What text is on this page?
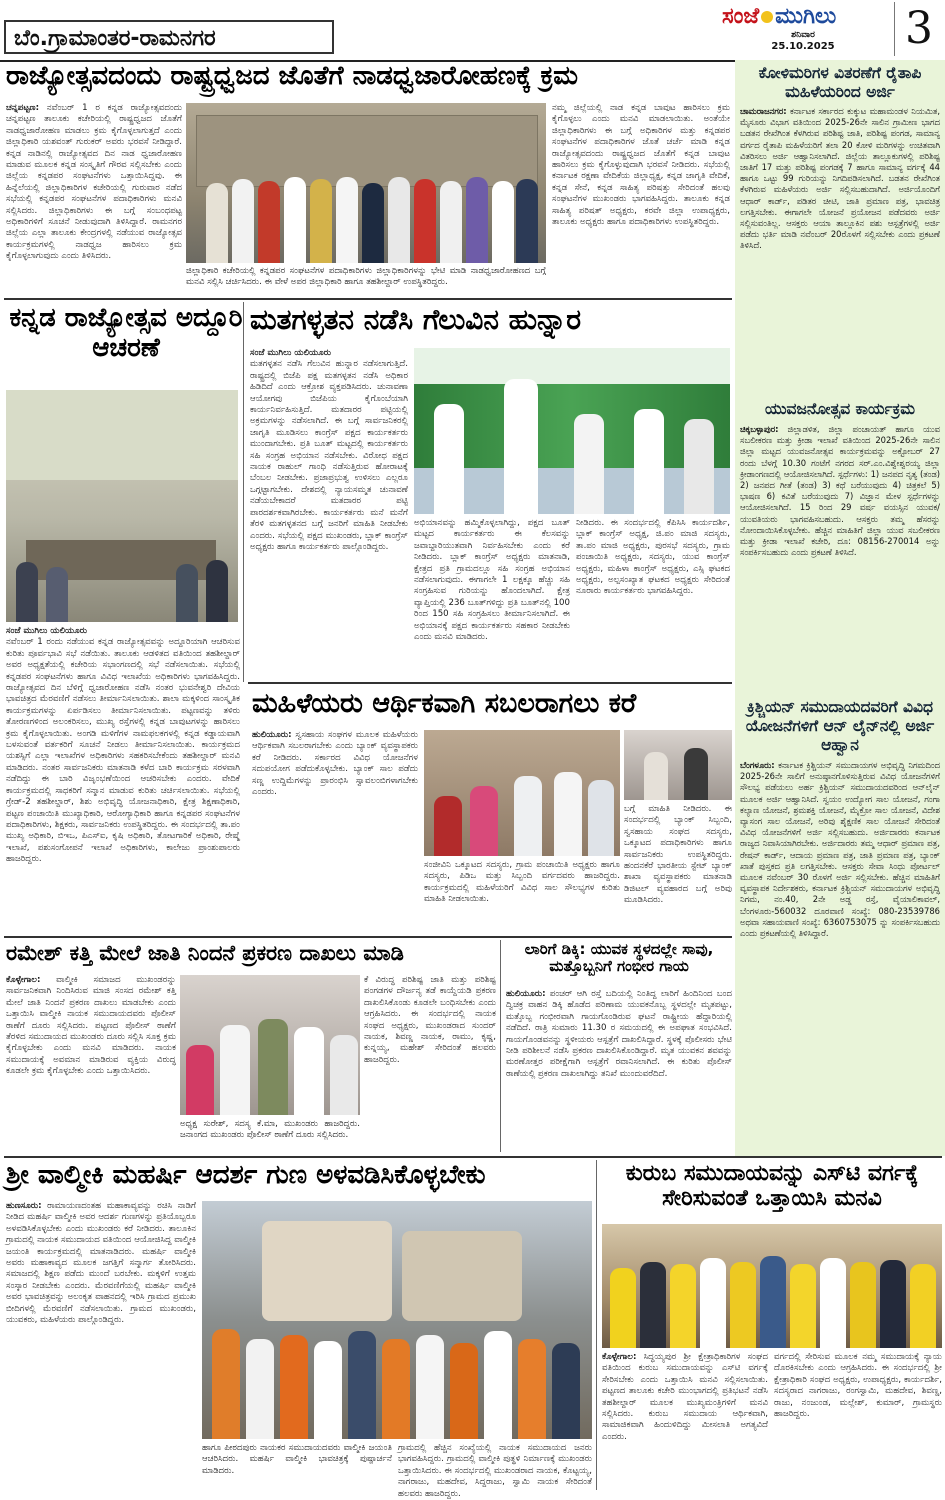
ಬೆಂ.ಗ್ರಾಮಾಂತರ-ರಾಮನಗರ
ಸಂಜೆ ಮುಗಿಲು
ಶನಿವಾರ
25.10.2025	3
ರಾಜ್ಯೋತ್ಸವದಂದು ರಾಷ್ಟ್ರಧ್ವಜದ ಜೊತೆಗೆ ನಾಡಧ್ವಜಾರೋಹಣಕ್ಕೆ ಕ್ರಮ
ಚನ್ನಪಟ್ಟಣ: ನವೆಂಬರ್ 1 ರ ಕನ್ನಡ ರಾಜ್ಯೋತ್ಸವದಂದು ಚನ್ನಪಟ್ಟಣ ತಾಲೂಕು ಕಚೇರಿಯಲ್ಲಿ ರಾಷ್ಟ್ರಧ್ವಜದ ಜೊತೆಗೆ ನಾಡಧ್ವಜಾರೋಹಣ ಮಾಡಲು ಕ್ರಮ ಕೈಗೊಳ್ಳಲಾಗುತ್ತದೆ ಎಂದು ಜಿಲ್ಲಾಧಿಕಾರಿ ಯಶವಂತ್ ಗುರುಕರ್ ಅವರು ಭರವಸೆ ನೀಡಿದ್ದಾರೆ. ಕನ್ನಡ ನಾಡಿನಲ್ಲಿ ರಾಜ್ಯೋತ್ಸವದ ದಿನ ನಾಡ ಧ್ವಜಾರೋಹಣ ಮಾಡುವ ಮೂಲಕ ಕನ್ನಡ ಸಂಸ್ಕೃತಿಗೆ ಗೌರವ ಸಲ್ಲಿಸಬೇಕು ಎಂದು ಜಿಲ್ಲೆಯ ಕನ್ನಡಪರ ಸಂಘಟನೆಗಳು ಒತ್ತಾಯಿಸಿದ್ದವು. ಈ ಹಿನ್ನೆಲೆಯಲ್ಲಿ ಜಿಲ್ಲಾಧಿಕಾರಿಗಳ ಕಚೇರಿಯಲ್ಲಿ ಗುರುವಾರ ನಡೆದ ಸಭೆಯಲ್ಲಿ ಕನ್ನಡಪರ ಸಂಘಟನೆಗಳ ಪದಾಧಿಕಾರಿಗಳು ಮನವಿ ಸಲ್ಲಿಸಿದರು. ಜಿಲ್ಲಾಧಿಕಾರಿಗಳು ಈ ಬಗ್ಗೆ ಸಂಬಂಧಪಟ್ಟ ಅಧಿಕಾರಿಗಳಿಗೆ ಸೂಚನೆ ನೀಡುವುದಾಗಿ ತಿಳಿಸಿದ್ದಾರೆ. ರಾಮನಗರ ಜಿಲ್ಲೆಯ ಎಲ್ಲಾ ತಾಲೂಕು ಕೇಂದ್ರಗಳಲ್ಲಿ ನಡೆಯುವ ರಾಜ್ಯೋತ್ಸವ ಕಾರ್ಯಕ್ರಮಗಳಲ್ಲಿ ನಾಡಧ್ವಜ ಹಾರಿಸಲು ಕ್ರಮ ಕೈಗೊಳ್ಳಲಾಗುವುದು ಎಂದು ತಿಳಿಸಿದರು.
ಜಿಲ್ಲಾಧಿಕಾರಿ ಕಚೇರಿಯಲ್ಲಿ ಕನ್ನಡಪರ ಸಂಘಟನೆಗಳ ಪದಾಧಿಕಾರಿಗಳು ಜಿಲ್ಲಾಧಿಕಾರಿಗಳನ್ನು ಭೇಟಿ ಮಾಡಿ ನಾಡಧ್ವಜಾರೋಹಣದ ಬಗ್ಗೆ ಮನವಿ ಸಲ್ಲಿಸಿ ಚರ್ಚಿಸಿದರು. ಈ ವೇಳೆ ಅಪರ ಜಿಲ್ಲಾಧಿಕಾರಿ ಹಾಗೂ ತಹಶೀಲ್ದಾರ್ ಉಪಸ್ಥಿತರಿದ್ದರು.
ನಮ್ಮ ಜಿಲ್ಲೆಯಲ್ಲಿ ನಾಡ ಕನ್ನಡ ಬಾವುಟ ಹಾರಿಸಲು ಕ್ರಮ ಕೈಗೊಳ್ಳಲು ಎಂದು ಮನವಿ ಮಾಡಲಾಯಿತು. ಅಂತೆಯೇ ಜಿಲ್ಲಾಧಿಕಾರಿಗಳು ಈ ಬಗ್ಗೆ ಅಧಿಕಾರಿಗಳ ಮತ್ತು ಕನ್ನಡಪರ ಸಂಘಟನೆಗಳ ಪದಾಧಿಕಾರಿಗಳ ಜೊತೆ ಚರ್ಚೆ ಮಾಡಿ ಕನ್ನಡ ರಾಜ್ಯೋತ್ಸವದಂದು ರಾಷ್ಟ್ರಧ್ವಜದ ಜೊತೆಗೆ ಕನ್ನಡ ಬಾವುಟ ಹಾರಿಸಲು ಕ್ರಮ ಕೈಗೊಳ್ಳುವುದಾಗಿ ಭರವಸೆ ನೀಡಿದರು. ಸಭೆಯಲ್ಲಿ ಕರ್ನಾಟಕ ರಕ್ಷಣಾ ವೇದಿಕೆಯ ಜಿಲ್ಲಾಧ್ಯಕ್ಷ, ಕನ್ನಡ ಜಾಗೃತಿ ವೇದಿಕೆ, ಕನ್ನಡ ಸೇನೆ, ಕನ್ನಡ ಸಾಹಿತ್ಯ ಪರಿಷತ್ತು ಸೇರಿದಂತೆ ಹಲವು ಸಂಘಟನೆಗಳ ಮುಖಂಡರು ಭಾಗವಹಿಸಿದ್ದರು. ತಾಲೂಕು ಕನ್ನಡ ಸಾಹಿತ್ಯ ಪರಿಷತ್ ಅಧ್ಯಕ್ಷರು, ಕರವೇ ಜಿಲ್ಲಾ ಉಪಾಧ್ಯಕ್ಷರು, ತಾಲೂಕು ಅಧ್ಯಕ್ಷರು ಹಾಗೂ ಪದಾಧಿಕಾರಿಗಳು ಉಪಸ್ಥಿತರಿದ್ದರು.
ಕನ್ನಡ ರಾಜ್ಯೋತ್ಸವ ಅದ್ದೂರಿ ಆಚರಣೆ
ಸಂಜೆ ಮುಗಿಲು ಯಲಿಯೂರು
ನವೆಂಬರ್ 1 ರಂದು ನಡೆಯುವ ಕನ್ನಡ ರಾಜ್ಯೋತ್ಸವವನ್ನು ಅದ್ದೂರಿಯಾಗಿ ಆಚರಿಸುವ ಕುರಿತು ಪೂರ್ವಭಾವಿ ಸಭೆ ನಡೆಯಿತು. ತಾಲೂಕು ಆಡಳಿತದ ವತಿಯಿಂದ ತಹಶೀಲ್ದಾರ್ ಅವರ ಅಧ್ಯಕ್ಷತೆಯಲ್ಲಿ ಕಚೇರಿಯ ಸಭಾಂಗಣದಲ್ಲಿ ಸಭೆ ನಡೆಸಲಾಯಿತು. ಸಭೆಯಲ್ಲಿ ಕನ್ನಡಪರ ಸಂಘಟನೆಗಳು ಹಾಗೂ ವಿವಿಧ ಇಲಾಖೆಯ ಅಧಿಕಾರಿಗಳು ಭಾಗವಹಿಸಿದ್ದರು. ರಾಜ್ಯೋತ್ಸವದ ದಿನ ಬೆಳಿಗ್ಗೆ ಧ್ವಜಾರೋಹಣ ನಡೆಸಿ ನಂತರ ಭುವನೇಶ್ವರಿ ದೇವಿಯ ಭಾವಚಿತ್ರದ ಮೆರವಣಿಗೆ ನಡೆಸಲು ತೀರ್ಮಾನಿಸಲಾಯಿತು. ಶಾಲಾ ಮಕ್ಕಳಿಂದ ಸಾಂಸ್ಕೃತಿಕ ಕಾರ್ಯಕ್ರಮಗಳನ್ನು ಏರ್ಪಡಿಸಲು ತೀರ್ಮಾನಿಸಲಾಯಿತು. ಪಟ್ಟಣವನ್ನು ತಳಿರು ತೋರಣಗಳಿಂದ ಅಲಂಕರಿಸಲು, ಮುಖ್ಯ ರಸ್ತೆಗಳಲ್ಲಿ ಕನ್ನಡ ಬಾವುಟಗಳನ್ನು ಹಾರಿಸಲು ಕ್ರಮ ಕೈಗೊಳ್ಳಲಾಯಿತು. ಅಂಗಡಿ ಮಳಿಗೆಗಳ ನಾಮಫಲಕಗಳಲ್ಲಿ ಕನ್ನಡ ಕಡ್ಡಾಯವಾಗಿ ಬಳಸುವಂತೆ ವರ್ತಕರಿಗೆ ಸೂಚನೆ ನೀಡಲು ತೀರ್ಮಾನಿಸಲಾಯಿತು. ಕಾರ್ಯಕ್ರಮದ ಯಶಸ್ಸಿಗೆ ಎಲ್ಲಾ ಇಲಾಖೆಗಳ ಅಧಿಕಾರಿಗಳು ಸಹಕರಿಸಬೇಕೆಂದು ತಹಶೀಲ್ದಾರ್ ಮನವಿ ಮಾಡಿದರು. ನಂತರ ಸಾರ್ವಜನಿಕರು ಮಾತನಾಡಿ ಕಳೆದ ಬಾರಿ ಕಾರ್ಯಕ್ರಮ ಸರಳವಾಗಿ ನಡೆದಿದ್ದು ಈ ಬಾರಿ ವಿಜೃಂಭಣೆಯಿಂದ ಆಚರಿಸಬೇಕು ಎಂದರು. ವೇದಿಕೆ ಕಾರ್ಯಕ್ರಮದಲ್ಲಿ ಸಾಧಕರಿಗೆ ಸನ್ಮಾನ ಮಾಡುವ ಕುರಿತು ಚರ್ಚಿಸಲಾಯಿತು. ಸಭೆಯಲ್ಲಿ ಗ್ರೇಡ್-2 ತಹಶೀಲ್ದಾರ್, ಶಿಶು ಅಭಿವೃದ್ಧಿ ಯೋಜನಾಧಿಕಾರಿ, ಕ್ಷೇತ್ರ ಶಿಕ್ಷಣಾಧಿಕಾರಿ, ಪಟ್ಟಣ ಪಂಚಾಯಿತಿ ಮುಖ್ಯಾಧಿಕಾರಿ, ಆರೋಗ್ಯಾಧಿಕಾರಿ ಹಾಗೂ ಕನ್ನಡಪರ ಸಂಘಟನೆಗಳ ಪದಾಧಿಕಾರಿಗಳು, ಶಿಕ್ಷಕರು, ಸಾರ್ವಜನಿಕರು ಉಪಸ್ಥಿತರಿದ್ದರು. ಈ ಸಂದರ್ಭದಲ್ಲಿ ತಾ.ಪಂ ಮುಖ್ಯ ಅಧಿಕಾರಿ, ಬಿಇಒ, ಪಿಎಸ್ಐ, ಕೃಷಿ ಅಧಿಕಾರಿ, ತೋಟಗಾರಿಕೆ ಅಧಿಕಾರಿ, ರೇಷ್ಮೆ ಇಲಾಖೆ, ಪಶುಸಂಗೋಪನೆ ಇಲಾಖೆ ಅಧಿಕಾರಿಗಳು, ಕಾಲೇಜು ಪ್ರಾಂಶುಪಾಲರು ಹಾಜರಿದ್ದರು.
ಮತಗಳ್ಳತನ ನಡೆಸಿ ಗೆಲುವಿನ ಹುನ್ನಾರ
ಸಂಜೆ ಮುಗಿಲು ಯಲಿಯೂರು
ಮತಗಳ್ಳತನ ನಡೆಸಿ ಗೆಲುವಿನ ಹುನ್ನಾರ ನಡೆಸಲಾಗುತ್ತಿದೆ. ರಾಷ್ಟ್ರದಲ್ಲಿ ಬಿಜೆಪಿ ಪಕ್ಷ ಮತಗಳ್ಳತನ ನಡೆಸಿ ಅಧಿಕಾರ ಹಿಡಿದಿದೆ ಎಂದು ಆಕ್ರೋಶ ವ್ಯಕ್ತಪಡಿಸಿದರು. ಚುನಾವಣಾ ಆಯೋಗವು ಬಿಜೆಪಿಯ ಕೈಗೊಂಬೆಯಾಗಿ ಕಾರ್ಯನಿರ್ವಹಿಸುತ್ತಿದೆ. ಮತದಾರರ ಪಟ್ಟಿಯಲ್ಲಿ ಅಕ್ರಮಗಳನ್ನು ನಡೆಸಲಾಗಿದೆ. ಈ ಬಗ್ಗೆ ಸಾರ್ವಜನಿಕರಲ್ಲಿ ಜಾಗೃತಿ ಮೂಡಿಸಲು ಕಾಂಗ್ರೆಸ್ ಪಕ್ಷದ ಕಾರ್ಯಕರ್ತರು ಮುಂದಾಗಬೇಕು. ಪ್ರತಿ ಬೂತ್ ಮಟ್ಟದಲ್ಲಿ ಕಾರ್ಯಕರ್ತರು ಸಹಿ ಸಂಗ್ರಹ ಅಭಿಯಾನ ನಡೆಸಬೇಕು. ವಿರೋಧ ಪಕ್ಷದ ನಾಯಕ ರಾಹುಲ್ ಗಾಂಧಿ ನಡೆಸುತ್ತಿರುವ ಹೋರಾಟಕ್ಕೆ ಬೆಂಬಲ ನೀಡಬೇಕು. ಪ್ರಜಾಪ್ರಭುತ್ವ ಉಳಿಸಲು ಎಲ್ಲರೂ ಒಗ್ಗಟ್ಟಾಗಬೇಕು. ದೇಶದಲ್ಲಿ ನ್ಯಾಯಸಮ್ಮತ ಚುನಾವಣೆ ನಡೆಯಬೇಕಾದರೆ ಮತದಾರರ ಪಟ್ಟಿ ಪಾರದರ್ಶಕವಾಗಿರಬೇಕು. ಕಾರ್ಯಕರ್ತರು ಮನೆ ಮನೆಗೆ ತೆರಳಿ ಮತಗಳ್ಳತನದ ಬಗ್ಗೆ ಜನರಿಗೆ ಮಾಹಿತಿ ನೀಡಬೇಕು ಎಂದರು. ಸಭೆಯಲ್ಲಿ ಪಕ್ಷದ ಮುಖಂಡರು, ಬ್ಲಾಕ್ ಕಾಂಗ್ರೆಸ್ ಅಧ್ಯಕ್ಷರು ಹಾಗೂ ಕಾರ್ಯಕರ್ತರು ಪಾಲ್ಗೊಂಡಿದ್ದರು.
ಅಭಿಯಾನವನ್ನು ಹಮ್ಮಿಕೊಳ್ಳಲಾಗಿದ್ದು, ಪಕ್ಷದ ಬೂತ್ ಮಟ್ಟದ ಕಾರ್ಯಕರ್ತರು ಈ ಕೆಲಸವನ್ನು ಜವಾಬ್ದಾರಿಯುತವಾಗಿ ನಿರ್ವಹಿಸಬೇಕು ಎಂದು ಕರೆ ನೀಡಿದರು. ಬ್ಲಾಕ್ ಕಾಂಗ್ರೆಸ್ ಅಧ್ಯಕ್ಷರು ಮಾತನಾಡಿ, ಕ್ಷೇತ್ರದ ಪ್ರತಿ ಗ್ರಾಮದಲ್ಲೂ ಸಹಿ ಸಂಗ್ರಹ ಅಭಿಯಾನ ನಡೆಸಲಾಗುವುದು. ಈಗಾಗಲೇ 1 ಲಕ್ಷಕ್ಕೂ ಹೆಚ್ಚು ಸಹಿ ಸಂಗ್ರಹಿಸುವ ಗುರಿಯನ್ನು ಹೊಂದಲಾಗಿದೆ. ಕ್ಷೇತ್ರ ವ್ಯಾಪ್ತಿಯಲ್ಲಿ 236 ಬೂತ್‌ಗಳಿದ್ದು ಪ್ರತಿ ಬೂತ್‌ನಲ್ಲಿ 100 ರಿಂದ 150 ಸಹಿ ಸಂಗ್ರಹಿಸಲು ತೀರ್ಮಾನಿಸಲಾಗಿದೆ. ಈ ಅಭಿಯಾನಕ್ಕೆ ಪಕ್ಷದ ಕಾರ್ಯಕರ್ತರು ಸಹಕಾರ ನೀಡಬೇಕು ಎಂದು ಮನವಿ ಮಾಡಿದರು.
ನೀಡಿದರು. ಈ ಸಂದರ್ಭದಲ್ಲಿ ಕೆಪಿಸಿಸಿ ಕಾರ್ಯದರ್ಶಿ, ಬ್ಲಾಕ್ ಕಾಂಗ್ರೆಸ್ ಅಧ್ಯಕ್ಷ, ಜಿ.ಪಂ ಮಾಜಿ ಸದಸ್ಯರು, ತಾ.ಪಂ ಮಾಜಿ ಅಧ್ಯಕ್ಷರು, ಪುರಸಭೆ ಸದಸ್ಯರು, ಗ್ರಾಮ ಪಂಚಾಯಿತಿ ಅಧ್ಯಕ್ಷರು, ಸದಸ್ಯರು, ಯುವ ಕಾಂಗ್ರೆಸ್ ಅಧ್ಯಕ್ಷರು, ಮಹಿಳಾ ಕಾಂಗ್ರೆಸ್ ಅಧ್ಯಕ್ಷರು, ಎಸ್ಸಿ ಘಟಕದ ಅಧ್ಯಕ್ಷರು, ಅಲ್ಪಸಂಖ್ಯಾತ ಘಟಕದ ಅಧ್ಯಕ್ಷರು ಸೇರಿದಂತೆ ನೂರಾರು ಕಾರ್ಯಕರ್ತರು ಭಾಗವಹಿಸಿದ್ದರು.
ಮಹಿಳೆಯರು ಆರ್ಥಿಕವಾಗಿ ಸಬಲರಾಗಲು ಕರೆ
ಹುಲಿಯೂರು: ಸ್ವಸಹಾಯ ಸಂಘಗಳ ಮೂಲಕ ಮಹಿಳೆಯರು ಆರ್ಥಿಕವಾಗಿ ಸಬಲರಾಗಬೇಕು ಎಂದು ಬ್ಯಾಂಕ್ ವ್ಯವಸ್ಥಾಪಕರು ಕರೆ ನೀಡಿದರು. ಸರ್ಕಾರದ ವಿವಿಧ ಯೋಜನೆಗಳ ಸದುಪಯೋಗ ಪಡೆದುಕೊಳ್ಳಬೇಕು. ಬ್ಯಾಂಕ್ ಸಾಲ ಪಡೆದು ಸಣ್ಣ ಉದ್ದಿಮೆಗಳನ್ನು ಪ್ರಾರಂಭಿಸಿ ಸ್ವಾವಲಂಬಿಗಳಾಗಬೇಕು ಎಂದರು.
ಸಂಜೀವಿನಿ ಒಕ್ಕೂಟದ ಸದಸ್ಯರು, ಗ್ರಾಮ ಪಂಚಾಯಿತಿ ಅಧ್ಯಕ್ಷರು ಹಾಗೂ ಸದಸ್ಯರು, ಪಿಡಿಒ ಮತ್ತು ಸಿಬ್ಬಂದಿ ವರ್ಗದವರು ಹಾಜರಿದ್ದರು. ಕಾರ್ಯಕ್ರಮದಲ್ಲಿ ಮಹಿಳೆಯರಿಗೆ ವಿವಿಧ ಸಾಲ ಸೌಲಭ್ಯಗಳ ಕುರಿತು ಮಾಹಿತಿ ನೀಡಲಾಯಿತು.
ಬಗ್ಗೆ ಮಾಹಿತಿ ನೀಡಿದರು. ಈ ಸಂದರ್ಭದಲ್ಲಿ ಬ್ಯಾಂಕ್ ಸಿಬ್ಬಂದಿ, ಸ್ವಸಹಾಯ ಸಂಘದ ಸದಸ್ಯರು, ಒಕ್ಕೂಟದ ಪದಾಧಿಕಾರಿಗಳು ಹಾಗೂ ಸಾರ್ವಜನಿಕರು ಉಪಸ್ಥಿತರಿದ್ದರು. ಹಂದನಕೆರೆ ಭಾರತೀಯ ಸ್ಟೇಟ್ ಬ್ಯಾಂಕ್ ಶಾಖಾ ವ್ಯವಸ್ಥಾಪಕರು ಮಾತನಾಡಿ ಡಿಜಿಟಲ್ ವ್ಯವಹಾರದ ಬಗ್ಗೆ ಅರಿವು ಮೂಡಿಸಿದರು.
ರಮೇಶ್ ಕತ್ತಿ ಮೇಲೆ ಜಾತಿ ನಿಂದನೆ ಪ್ರಕರಣ ದಾಖಲು ಮಾಡಿ
ಕೊಳ್ಳೇಗಾಲ: ವಾಲ್ಮೀಕಿ ಸಮಾಜದ ಮುಖಂಡರನ್ನು ಸಾರ್ವಜನಿಕವಾಗಿ ನಿಂದಿಸಿರುವ ಮಾಜಿ ಸಂಸದ ರಮೇಶ್ ಕತ್ತಿ ಮೇಲೆ ಜಾತಿ ನಿಂದನೆ ಪ್ರಕರಣ ದಾಖಲು ಮಾಡಬೇಕು ಎಂದು ಒತ್ತಾಯಿಸಿ ವಾಲ್ಮೀಕಿ ನಾಯಕ ಸಮುದಾಯದವರು ಪೊಲೀಸ್ ಠಾಣೆಗೆ ದೂರು ಸಲ್ಲಿಸಿದರು. ಪಟ್ಟಣದ ಪೊಲೀಸ್ ಠಾಣೆಗೆ ತೆರಳಿದ ಸಮುದಾಯದ ಮುಖಂಡರು ದೂರು ಸಲ್ಲಿಸಿ ಸೂಕ್ತ ಕ್ರಮ ಕೈಗೊಳ್ಳಬೇಕು ಎಂದು ಮನವಿ ಮಾಡಿದರು. ನಾಯಕ ಸಮುದಾಯಕ್ಕೆ ಅವಮಾನ ಮಾಡಿರುವ ವ್ಯಕ್ತಿಯ ವಿರುದ್ಧ ಕೂಡಲೇ ಕ್ರಮ ಕೈಗೊಳ್ಳಬೇಕು ಎಂದು ಒತ್ತಾಯಿಸಿದರು.
ಅಧ್ಯಕ್ಷ ಸುರೇಶ್, ಸದಸ್ಯ ಕೆ.ಮಾ, ಮುಖಂಡರು ಹಾಜರಿದ್ದರು. ಜನಾಂಗದ ಮುಖಂಡರು ಪೊಲೀಸ್ ಠಾಣೆಗೆ ದೂರು ಸಲ್ಲಿಸಿದರು.
ಕೆ ವಿರುದ್ಧ ಪರಿಶಿಷ್ಟ ಜಾತಿ ಮತ್ತು ಪರಿಶಿಷ್ಟ ಪಂಗಡಗಳ ದೌರ್ಜನ್ಯ ತಡೆ ಕಾಯ್ದೆಯಡಿ ಪ್ರಕರಣ ದಾಖಲಿಸಿಕೊಂಡು ಕೂಡಲೇ ಬಂಧಿಸಬೇಕು ಎಂದು ಆಗ್ರಹಿಸಿದರು. ಈ ಸಂದರ್ಭದಲ್ಲಿ ನಾಯಕ ಸಂಘದ ಅಧ್ಯಕ್ಷರು, ಮುಖಂಡರಾದ ಸುಂದರ್ ನಾಯಕ, ಶಿವಣ್ಣ ನಾಯಕ, ರಾಮು, ಕೃಷ್ಣ, ಕುನ್ನಯ್ಯ, ಮಹೇಶ್ ಸೇರಿದಂತೆ ಹಲವರು ಹಾಜರಿದ್ದರು.
ಲಾರಿಗೆ ಡಿಕ್ಕಿ: ಯುವಕ ಸ್ಥಳದಲ್ಲೇ ಸಾವು, ಮತ್ತೊಬ್ಬನಿಗೆ ಗಂಭೀರ ಗಾಯ
ಹುಲಿಯೂರು: ಪಂಚರ್ ಆಗಿ ರಸ್ತೆ ಬದಿಯಲ್ಲಿ ನಿಂತಿದ್ದ ಲಾರಿಗೆ ಹಿಂದಿನಿಂದ ಬಂದ ದ್ವಿಚಕ್ರ ವಾಹನ ಡಿಕ್ಕಿ ಹೊಡೆದ ಪರಿಣಾಮ ಯುವಕನೊಬ್ಬ ಸ್ಥಳದಲ್ಲೇ ಮೃತಪಟ್ಟು, ಮತ್ತೊಬ್ಬ ಗಂಭೀರವಾಗಿ ಗಾಯಗೊಂಡಿರುವ ಘಟನೆ ರಾಷ್ಟ್ರೀಯ ಹೆದ್ದಾರಿಯಲ್ಲಿ ನಡೆದಿದೆ. ರಾತ್ರಿ ಸುಮಾರು 11.30 ರ ಸಮಯದಲ್ಲಿ ಈ ಅಪಘಾತ ಸಂಭವಿಸಿದೆ. ಗಾಯಗೊಂಡವನನ್ನು ಸ್ಥಳೀಯರು ಆಸ್ಪತ್ರೆಗೆ ದಾಖಲಿಸಿದ್ದಾರೆ. ಸ್ಥಳಕ್ಕೆ ಪೊಲೀಸರು ಭೇಟಿ ನೀಡಿ ಪರಿಶೀಲನೆ ನಡೆಸಿ ಪ್ರಕರಣ ದಾಖಲಿಸಿಕೊಂಡಿದ್ದಾರೆ. ಮೃತ ಯುವಕನ ಶವವನ್ನು ಮರಣೋತ್ತರ ಪರೀಕ್ಷೆಗಾಗಿ ಆಸ್ಪತ್ರೆಗೆ ರವಾನಿಸಲಾಗಿದೆ. ಈ ಕುರಿತು ಪೊಲೀಸ್ ಠಾಣೆಯಲ್ಲಿ ಪ್ರಕರಣ ದಾಖಲಾಗಿದ್ದು ತನಿಖೆ ಮುಂದುವರೆದಿದೆ.
ಶ್ರೀ ವಾಲ್ಮೀಕಿ ಮಹರ್ಷಿ ಆದರ್ಶ ಗುಣ ಅಳವಡಿಸಿಕೊಳ್ಳಬೇಕು
ಹುಣಸೂರು: ರಾಮಾಯಣದಂತಹ ಮಹಾಕಾವ್ಯವನ್ನು ರಚಿಸಿ ನಾಡಿಗೆ ನೀಡಿದ ಮಹರ್ಷಿ ವಾಲ್ಮೀಕಿ ಅವರ ಆದರ್ಶ ಗುಣಗಳನ್ನು ಪ್ರತಿಯೊಬ್ಬರೂ ಅಳವಡಿಸಿಕೊಳ್ಳಬೇಕು ಎಂದು ಮುಖಂಡರು ಕರೆ ನೀಡಿದರು. ತಾಲೂಕಿನ ಗ್ರಾಮದಲ್ಲಿ ನಾಯಕ ಸಮುದಾಯದ ವತಿಯಿಂದ ಆಯೋಜಿಸಿದ್ದ ವಾಲ್ಮೀಕಿ ಜಯಂತಿ ಕಾರ್ಯಕ್ರಮದಲ್ಲಿ ಮಾತನಾಡಿದರು. ಮಹರ್ಷಿ ವಾಲ್ಮೀಕಿ ಅವರು ಮಹಾಕಾವ್ಯದ ಮೂಲಕ ಜಗತ್ತಿಗೆ ಸನ್ಮಾರ್ಗ ತೋರಿಸಿದರು. ಸಮಾಜದಲ್ಲಿ ಶಿಕ್ಷಣ ಪಡೆದು ಮುಂದೆ ಬರಬೇಕು. ಮಕ್ಕಳಿಗೆ ಉತ್ತಮ ಸಂಸ್ಕಾರ ನೀಡಬೇಕು ಎಂದರು. ಮೆರವಣಿಗೆಯಲ್ಲಿ ಮಹರ್ಷಿ ವಾಲ್ಮೀಕಿ ಅವರ ಭಾವಚಿತ್ರವನ್ನು ಅಲಂಕೃತ ವಾಹನದಲ್ಲಿ ಇರಿಸಿ ಗ್ರಾಮದ ಪ್ರಮುಖ ಬೀದಿಗಳಲ್ಲಿ ಮೆರವಣಿಗೆ ನಡೆಸಲಾಯಿತು. ಗ್ರಾಮದ ಮುಖಂಡರು, ಯುವಕರು, ಮಹಿಳೆಯರು ಪಾಲ್ಗೊಂಡಿದ್ದರು.
ಹಾಗೂ ಪೀಠದಪುರು ನಾಯಕರ ಸಮುದಾಯದವರು ವಾಲ್ಮೀಕಿ ಜಯಂತಿ ಆಚರಿಸಿದರು. ಮಹರ್ಷಿ ವಾಲ್ಮೀಕಿ ಭಾವಚಿತ್ರಕ್ಕೆ ಪುಷ್ಪಾರ್ಚನೆ ಮಾಡಿದರು.
ಗ್ರಾಮದಲ್ಲಿ ಹೆಚ್ಚಿನ ಸಂಖ್ಯೆಯಲ್ಲಿ ನಾಯಕ ಸಮುದಾಯದ ಜನರು ಭಾಗವಹಿಸಿದ್ದರು. ಗ್ರಾಮದಲ್ಲಿ ವಾಲ್ಮೀಕಿ ಪುತ್ಥಳಿ ನಿರ್ಮಾಣಕ್ಕೆ ಮುಖಂಡರು ಒತ್ತಾಯಿಸಿದರು. ಈ ಸಂದರ್ಭದಲ್ಲಿ ಮುಖಂಡರಾದ ನಾಯಕ, ಕೊಟ್ಟಯ್ಯ, ನಾಗರಾಜು, ಮಹದೇವ, ಸಿದ್ದರಾಜು, ಸ್ವಾಮಿ ನಾಯಕ ಸೇರಿದಂತೆ ಹಲವರು ಹಾಜರಿದ್ದರು.
ಕುರುಬ ಸಮುದಾಯವನ್ನು ಎಸ್‌ಟಿ ವರ್ಗಕ್ಕೆ ಸೇರಿಸುವಂತೆ ಒತ್ತಾಯಿಸಿ ಮನವಿ
ಕೊಳ್ಳೇಗಾಲ: ಸಿದ್ಧಯ್ಯಪುರ ಶ್ರೀ ಕ್ಷೇತ್ರಾಧಿಕಾರಿಗಳ ಸಂಘದ ವತಿಯಿಂದ ಕುರುಬ ಸಮುದಾಯವನ್ನು ಎಸ್‌ಟಿ ವರ್ಗಕ್ಕೆ ಸೇರಿಸಬೇಕು ಎಂದು ಒತ್ತಾಯಿಸಿ ಮನವಿ ಸಲ್ಲಿಸಲಾಯಿತು. ಪಟ್ಟಣದ ತಾಲೂಕು ಕಚೇರಿ ಮುಂಭಾಗದಲ್ಲಿ ಪ್ರತಿಭಟನೆ ನಡೆಸಿ ತಹಶೀಲ್ದಾರ್ ಮೂಲಕ ಮುಖ್ಯಮಂತ್ರಿಗಳಿಗೆ ಮನವಿ ಸಲ್ಲಿಸಿದರು. ಕುರುಬ ಸಮುದಾಯ ಆರ್ಥಿಕವಾಗಿ, ಸಾಮಾಜಿಕವಾಗಿ ಹಿಂದುಳಿದಿದ್ದು ಮೀಸಲಾತಿ ಅಗತ್ಯವಿದೆ ಎಂದರು.
ವರ್ಗದಲ್ಲಿ ಸೇರಿಸುವ ಮೂಲಕ ನಮ್ಮ ಸಮುದಾಯಕ್ಕೆ ನ್ಯಾಯ ದೊರಕಿಸಬೇಕು ಎಂದು ಆಗ್ರಹಿಸಿದರು. ಈ ಸಂದರ್ಭದಲ್ಲಿ ಶ್ರೀ ಕ್ಷೇತ್ರಾಧಿಕಾರಿ ಸಂಘದ ಅಧ್ಯಕ್ಷರು, ಉಪಾಧ್ಯಕ್ಷರು, ಕಾರ್ಯದರ್ಶಿ, ಸದಸ್ಯರಾದ ನಾಗರಾಜು, ರಂಗಸ್ವಾಮಿ, ಮಹದೇವ, ಶಿವಣ್ಣ, ರಾಜು, ನಂಜುಂಡ, ಮಲ್ಲೇಶ್, ಕುಮಾರ್, ಗ್ರಾಮಸ್ಥರು ಹಾಜರಿದ್ದರು.
ಕೋಳಿಮರಿಗಳ ವಿತರಣೆಗೆ ರೈತಾಪಿ ಮಹಿಳೆಯರಿಂದ ಅರ್ಜಿ
ಚಾಮರಾಜನಗರ: ಕರ್ನಾಟಕ ಸರ್ಕಾರದ ಕುಕ್ಕುಟ ಮಹಾಮಂಡಳ ನಿಯಮಿತ, ಮೈಸೂರು ವಿಭಾಗ ವತಿಯಿಂದ 2025-26ನೇ ಸಾಲಿನ ಗ್ರಾಮೀಣ ಭಾಗದ ಬಡತನ ರೇಖೆಗಿಂತ ಕೆಳಗಿರುವ ಪರಿಶಿಷ್ಟ ಜಾತಿ, ಪರಿಶಿಷ್ಟ ಪಂಗಡ, ಸಾಮಾನ್ಯ ವರ್ಗದ ರೈತಾಪಿ ಮಹಿಳೆಯರಿಗೆ ತಲಾ 20 ಕೋಳಿ ಮರಿಗಳನ್ನು ಉಚಿತವಾಗಿ ವಿತರಿಸಲು ಅರ್ಜಿ ಆಹ್ವಾನಿಸಲಾಗಿದೆ. ಜಿಲ್ಲೆಯ ತಾಲ್ಲೂಕುಗಳಲ್ಲಿ ಪರಿಶಿಷ್ಟ ಜಾತಿಗೆ 17 ಮತ್ತು ಪರಿಶಿಷ್ಟ ಪಂಗಡಕ್ಕೆ 7 ಹಾಗೂ ಸಾಮಾನ್ಯ ವರ್ಗಕ್ಕೆ 44 ಹಾಗೂ ಒಟ್ಟು 99 ಗುರಿಯನ್ನು ನಿಗದಿಪಡಿಸಲಾಗಿದೆ. ಬಡತನ ರೇಖೆಗಿಂತ ಕೆಳಗಿರುವ ಮಹಿಳೆಯರು ಅರ್ಜಿ ಸಲ್ಲಿಸಬಹುದಾಗಿದೆ. ಅರ್ಜಿಯೊಂದಿಗೆ ಆಧಾರ್ ಕಾರ್ಡ್, ಪಡಿತರ ಚೀಟಿ, ಜಾತಿ ಪ್ರಮಾಣ ಪತ್ರ, ಭಾವಚಿತ್ರ ಲಗತ್ತಿಸಬೇಕು. ಈಗಾಗಲೇ ಯೋಜನೆ ಪ್ರಯೋಜನ ಪಡೆದವರು ಅರ್ಜಿ ಸಲ್ಲಿಸುವಂತಿಲ್ಲ. ಆಸಕ್ತರು ಆಯಾ ತಾಲ್ಲೂಕಿನ ಪಶು ಆಸ್ಪತ್ರೆಗಳಲ್ಲಿ ಅರ್ಜಿ ಪಡೆದು ಭರ್ತಿ ಮಾಡಿ ನವೆಂಬರ್ 20ರೊಳಗೆ ಸಲ್ಲಿಸಬೇಕು ಎಂದು ಪ್ರಕಟಣೆ ತಿಳಿಸಿದೆ.
ಯುವಜನೋತ್ಸವ ಕಾರ್ಯಕ್ರಮ
ಚಿಕ್ಕಬಳ್ಳಾಪುರ: ಜಿಲ್ಲಾಡಳಿತ, ಜಿಲ್ಲಾ ಪಂಚಾಯತ್ ಹಾಗೂ ಯುವ ಸಬಲೀಕರಣ ಮತ್ತು ಕ್ರೀಡಾ ಇಲಾಖೆ ವತಿಯಿಂದ 2025-26ನೇ ಸಾಲಿನ ಜಿಲ್ಲಾ ಮಟ್ಟದ ಯುವಜನೋತ್ಸವ ಕಾರ್ಯಕ್ರಮವನ್ನು ಅಕ್ಟೋಬರ್ 27 ರಂದು ಬೆಳಗ್ಗೆ 10.30 ಗಂಟೆಗೆ ನಗರದ ಸರ್.ಎಂ.ವಿಶ್ವೇಶ್ವರಯ್ಯ ಜಿಲ್ಲಾ ಕ್ರೀಡಾಂಗಣದಲ್ಲಿ ಆಯೋಜಿಸಲಾಗಿದೆ. ಸ್ಪರ್ಧೆಗಳು: 1) ಜನಪದ ನೃತ್ಯ (ತಂಡ) 2) ಜನಪದ ಗೀತೆ (ತಂಡ) 3) ಕಥೆ ಬರೆಯುವುದು 4) ಚಿತ್ರಕಲೆ 5) ಭಾಷಣ 6) ಕವಿತೆ ಬರೆಯುವುದು 7) ವಿಜ್ಞಾನ ಮೇಳ ಸ್ಪರ್ಧೆಗಳನ್ನು ಆಯೋಜಿಸಲಾಗಿದೆ. 15 ರಿಂದ 29 ವರ್ಷ ವಯಸ್ಸಿನ ಯುವಕ/ಯುವತಿಯರು ಭಾಗವಹಿಸಬಹುದು. ಆಸಕ್ತರು ತಮ್ಮ ಹೆಸರನ್ನು ನೋಂದಾಯಿಸಿಕೊಳ್ಳಬೇಕು. ಹೆಚ್ಚಿನ ಮಾಹಿತಿಗೆ ಜಿಲ್ಲಾ ಯುವ ಸಬಲೀಕರಣ ಮತ್ತು ಕ್ರೀಡಾ ಇಲಾಖೆ ಕಚೇರಿ, ದೂ: 08156-270014 ಅನ್ನು ಸಂಪರ್ಕಿಸಬಹುದು ಎಂದು ಪ್ರಕಟಣೆ ತಿಳಿಸಿದೆ.
ಕ್ರಿಶ್ಚಿಯನ್ ಸಮುದಾಯದವರಿಗೆ ವಿವಿಧ ಯೋಜನೆಗಳಿಗೆ ಆನ್ ಲೈನ್‌ನಲ್ಲಿ ಅರ್ಜಿ ಆಹ್ವಾನ
ಬೆಂಗಳೂರು: ಕರ್ನಾಟಕ ಕ್ರಿಶ್ಚಿಯನ್ ಸಮುದಾಯಗಳ ಅಭಿವೃದ್ಧಿ ನಿಗಮದಿಂದ 2025-26ನೇ ಸಾಲಿಗೆ ಅನುಷ್ಠಾನಗೊಳಿಸುತ್ತಿರುವ ವಿವಿಧ ಯೋಜನೆಗಳಿಗೆ ಸೌಲಭ್ಯ ಪಡೆಯಲು ಅರ್ಹ ಕ್ರಿಶ್ಚಿಯನ್ ಸಮುದಾಯದವರಿಂದ ಆನ್‌ಲೈನ್ ಮೂಲಕ ಅರ್ಜಿ ಆಹ್ವಾನಿಸಿದೆ. ಸ್ವಯಂ ಉದ್ಯೋಗ ಸಾಲ ಯೋಜನೆ, ಗಂಗಾ ಕಲ್ಯಾಣ ಯೋಜನೆ, ಶ್ರಮಶಕ್ತಿ ಯೋಜನೆ, ಮೈಕ್ರೋ ಸಾಲ ಯೋಜನೆ, ವಿದೇಶ ವ್ಯಾಸಂಗ ಸಾಲ ಯೋಜನೆ, ಅರಿವು ಶೈಕ್ಷಣಿಕ ಸಾಲ ಯೋಜನೆ ಸೇರಿದಂತೆ ವಿವಿಧ ಯೋಜನೆಗಳಿಗೆ ಅರ್ಜಿ ಸಲ್ಲಿಸಬಹುದು. ಅರ್ಜಿದಾರರು ಕರ್ನಾಟಕ ರಾಜ್ಯದ ನಿವಾಸಿಯಾಗಿರಬೇಕು. ಅರ್ಜಿದಾರರು ತಮ್ಮ ಆಧಾರ್ ಪ್ರಮಾಣ ಪತ್ರ, ರೇಷನ್ ಕಾರ್ಡ್, ಆದಾಯ ಪ್ರಮಾಣ ಪತ್ರ, ಜಾತಿ ಪ್ರಮಾಣ ಪತ್ರ, ಬ್ಯಾಂಕ್ ಖಾತೆ ಪುಸ್ತಕದ ಪ್ರತಿ ಲಗತ್ತಿಸಬೇಕು. ಆಸಕ್ತರು ಸೇವಾ ಸಿಂಧು ಪೋರ್ಟಲ್ ಮೂಲಕ ನವೆಂಬರ್ 30 ರೊಳಗೆ ಅರ್ಜಿ ಸಲ್ಲಿಸಬೇಕು. ಹೆಚ್ಚಿನ ಮಾಹಿತಿಗೆ ವ್ಯವಸ್ಥಾಪಕ ನಿರ್ದೇಶಕರು, ಕರ್ನಾಟಕ ಕ್ರಿಶ್ಚಿಯನ್ ಸಮುದಾಯಗಳ ಅಭಿವೃದ್ಧಿ ನಿಗಮ, ನಂ.40, 2ನೇ ಅಡ್ಡ ರಸ್ತೆ, ವೈಯಾಲಿಕಾವಲ್, ಬೆಂಗಳೂರು-560032 ದೂರವಾಣಿ ಸಂಖ್ಯೆ: 080-23539786 ಅಥವಾ ಸಹಾಯವಾಣಿ ಸಂಖ್ಯೆ: 6360753075 ನ್ನು ಸಂಪರ್ಕಿಸಬಹುದು ಎಂದು ಪ್ರಕಟಣೆಯಲ್ಲಿ ತಿಳಿಸಿದ್ದಾರೆ.
